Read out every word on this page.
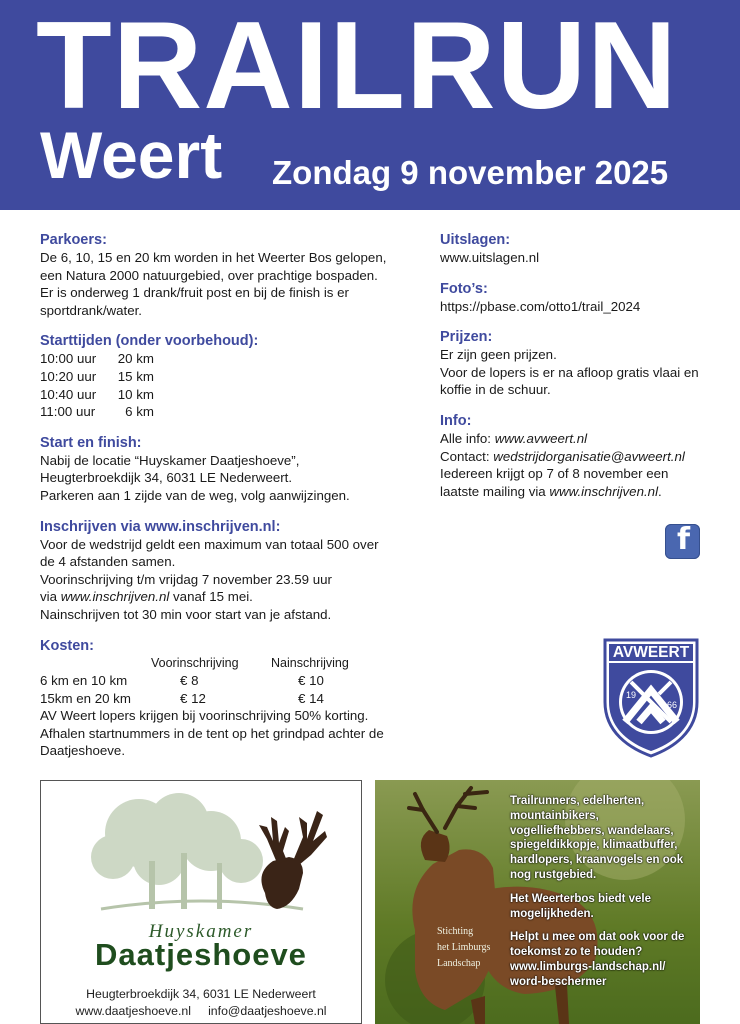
TRAILRUN
Weert Zondag 9 november 2025
Parkoers:

De 6, 10, 15 en 20 km worden in het Weerter Bos gelopen,

een Natura 2000 natuurgebied, over prachtige bospaden.

Er is onderweg 1 drank/fruit post en bij de finish is er

sportdrank/water.

Starttijden (onder voorbehoud):

10:00 uur 20 km

10:20 uur 15 km

10:40 uur 10 km

11:00 uur 6 km

Start en finish:

Nabij de locatie “Huyskamer Daatjeshoeve”,

Heugterbroekdijk 34, 6031 LE Nederweert.

Parkeren aan 1 zijde van de weg, volg aanwijzingen.

Inschrijven via www.inschrijven.nl:

Voor de wedstrijd geldt een maximum van totaal 500 over

de 4 afstanden samen.

Voorinschrijving t/m vrijdag 7 november 23.59 uur

via www.inschrijven.nl vanaf 15 mei.

Nainschrijven tot 30 min voor start van je afstand.

Kosten:

Voorinschrijving	Nainschrijving

6 km en 10 km	€ 8	€ 10

15km en 20 km	€ 12	€ 14

AV Weert lopers krijgen bij voorinschrijving 50% korting.

Afhalen startnummers in de tent op het grindpad achter de

Daatjeshoeve.

Uitslagen:

www.uitslagen.nl

Foto’s:

https://pbase.com/otto1/trail_2024

Prijzen:

Er zijn geen prijzen.

Voor de lopers is er na afloop gratis vlaai en

koffie in de schuur.

Info:

Alle info: www.avweert.nl

Contact: wedstrijdorganisatie@avweert.nl

Iedereen krijgt op 7 of 8 november een

laatste mailing via www.inschrijven.nl.

f
AVWEERT
19
66
Huyskamer
Daatjeshoeve
Heugterbroekdijk 34, 6031 LE Nederweert
www.daatjeshoeve.nl info@daatjeshoeve.nl
Stichting
het Limburgs
Landschap

Trailrunners, edelherten, mountainbikers, vogelliefhebbers, wandelaars, spiegeldikkopje, klimaatbuffer, hardlopers, kraanvogels en ook nog rustgebied.

Het Weerterbos biedt vele mogelijkheden.

Helpt u mee om dat ook voor de toekomst zo te houden? www.limburgs-landschap.nl/ word-beschermer
